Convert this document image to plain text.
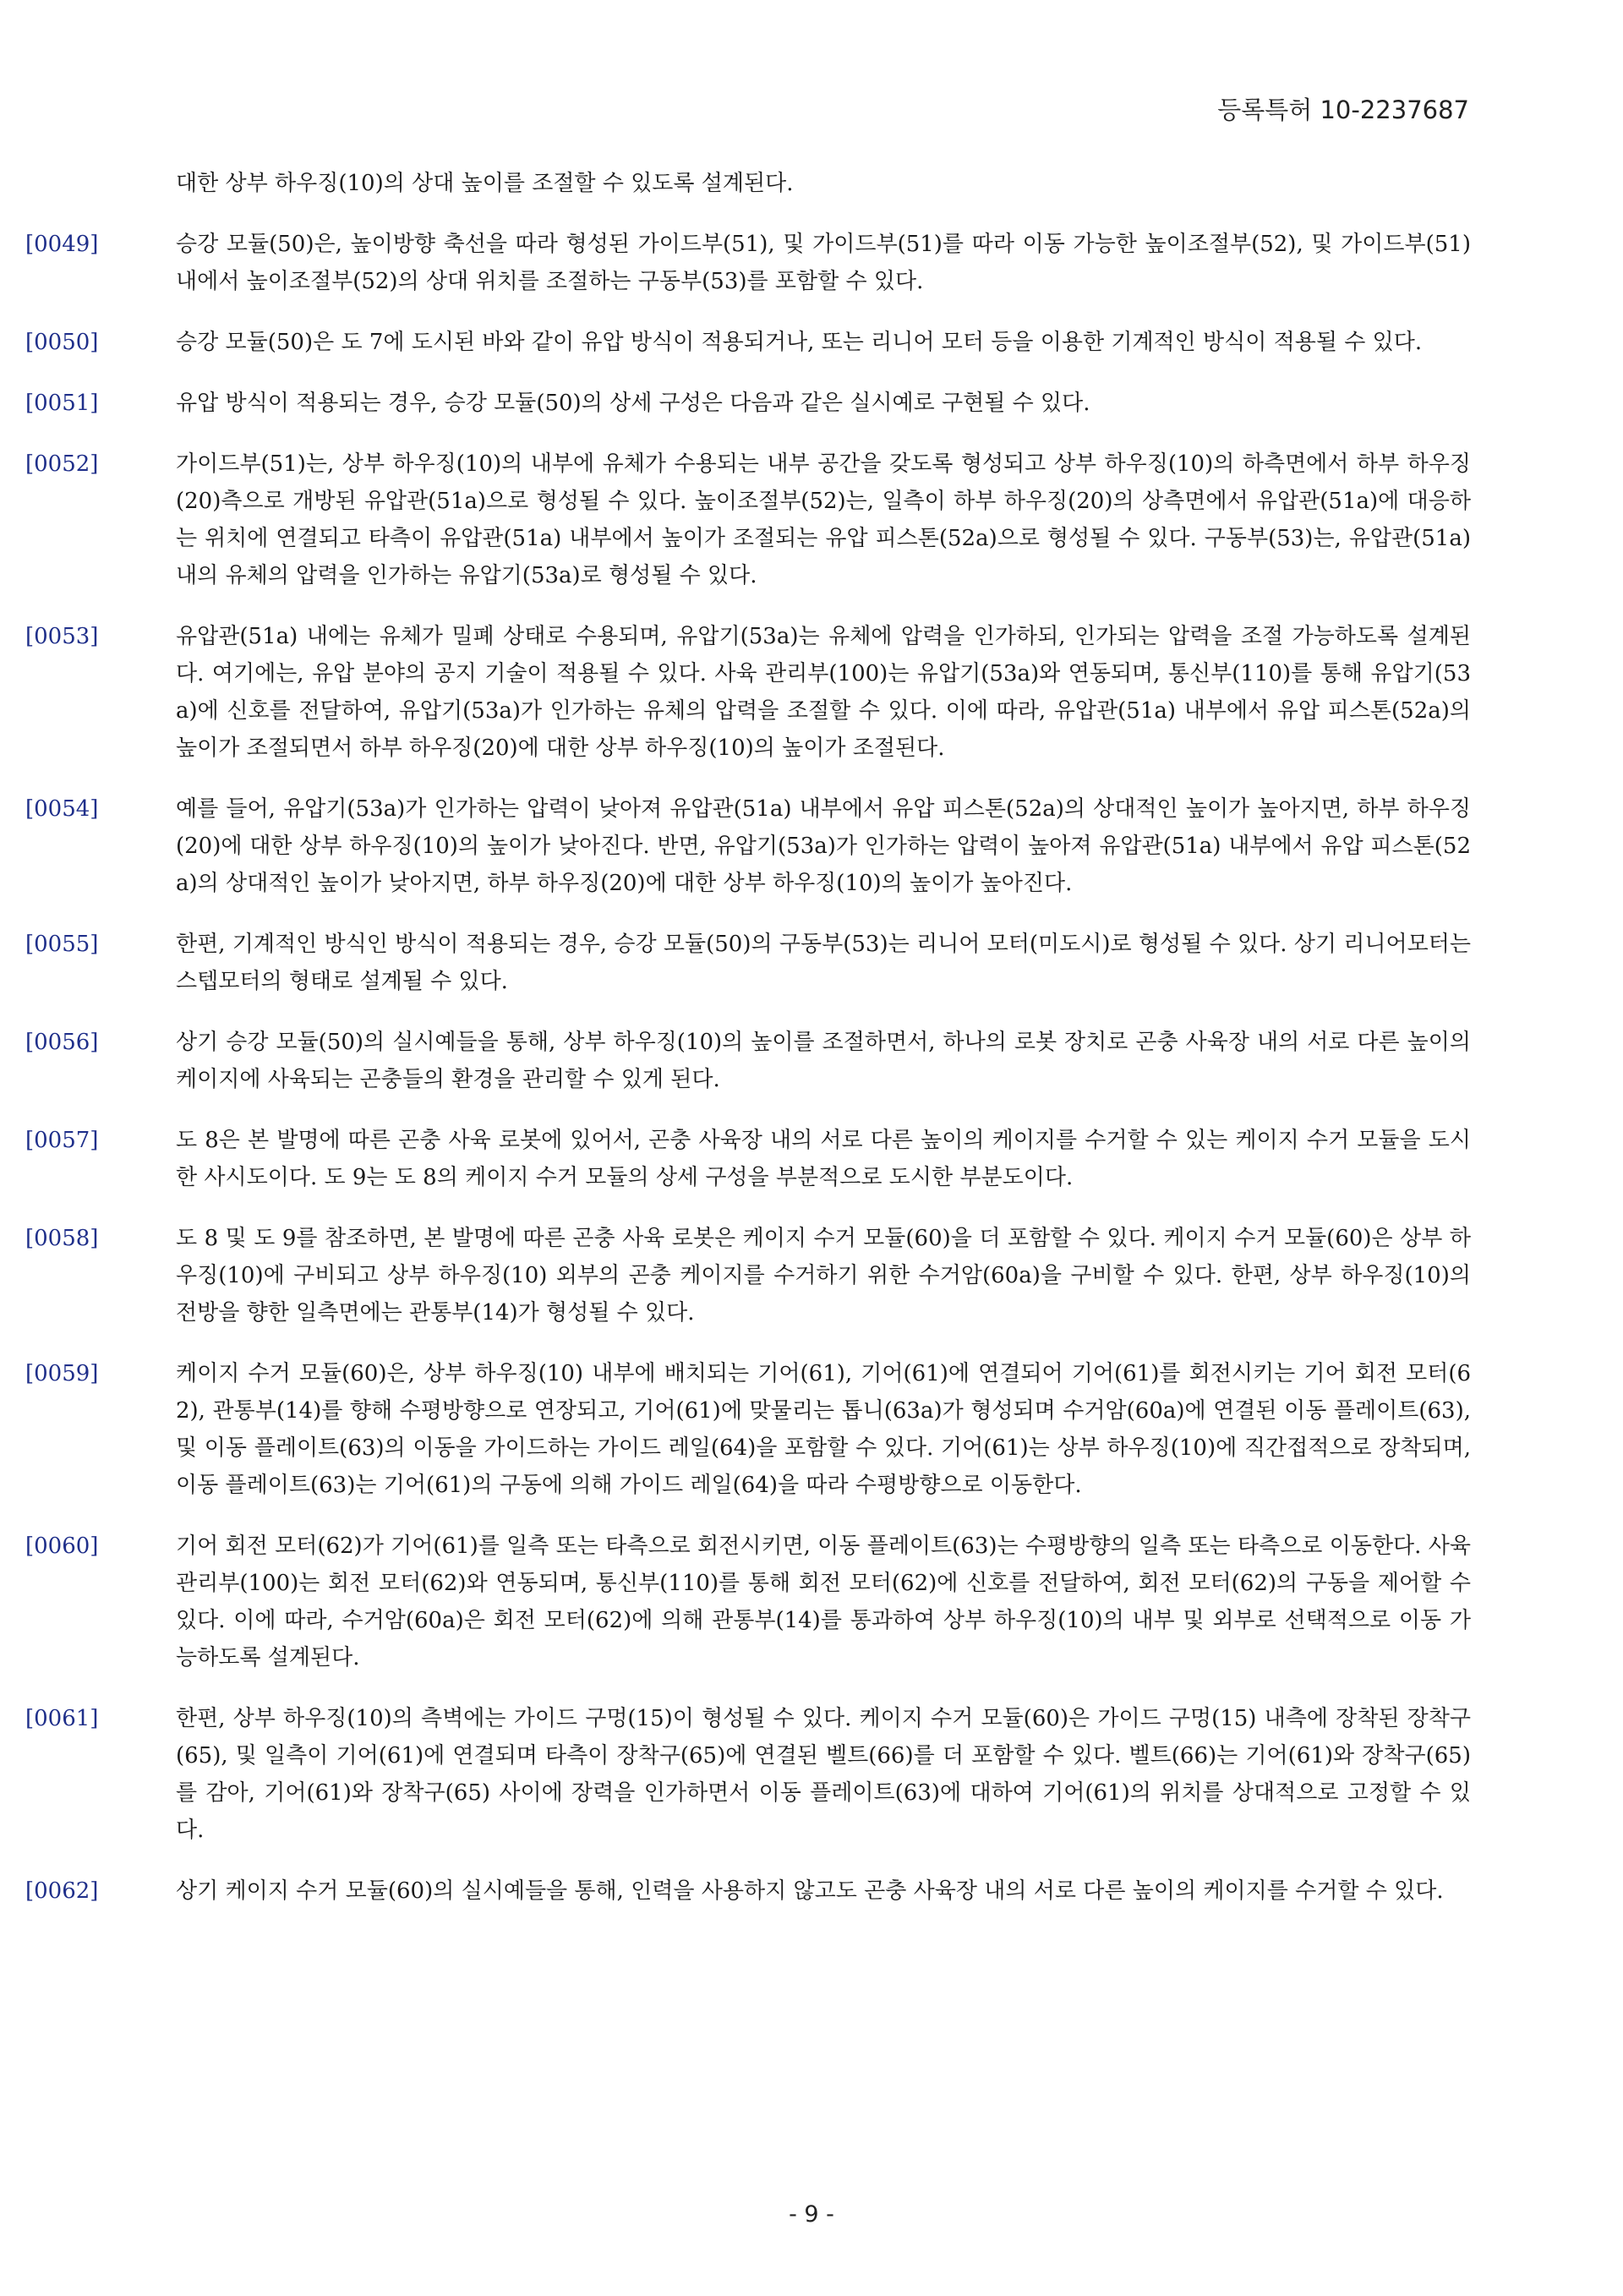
등록특허 10-2237687
대한 상부 하우징(10)의 상대 높이를 조절할 수 있도록 설계된다.
[0049]	승강 모듈(50)은, 높이방향 축선을 따라 형성된 가이드부(51), 및 가이드부(51)를 따라 이동 가능한 높이조절부(52), 및 가이드부(51) 내에서 높이조절부(52)의 상대 위치를 조절하는 구동부(53)를 포함할 수 있다.
[0050]	승강 모듈(50)은 도 7에 도시된 바와 같이 유압 방식이 적용되거나, 또는 리니어 모터 등을 이용한 기계적인 방식이 적용될 수 있다.
[0051]	유압 방식이 적용되는 경우, 승강 모듈(50)의 상세 구성은 다음과 같은 실시예로 구현될 수 있다.
[0052]	가이드부(51)는, 상부 하우징(10)의 내부에 유체가 수용되는 내부 공간을 갖도록 형성되고 상부 하우징(10)의 하측면에서 하부 하우징(20)측으로 개방된 유압관(51a)으로 형성될 수 있다. 높이조절부(52)는, 일측이 하부 하우징(20)의 상측면에서 유압관(51a)에 대응하는 위치에 연결되고 타측이 유압관(51a) 내부에서 높이가 조절되는 유압 피스톤(52a)으로 형성될 수 있다. 구동부(53)는, 유압관(51a) 내의 유체의 압력을 인가하는 유압기(53a)로 형성될 수 있다.
[0053]	유압관(51a) 내에는 유체가 밀폐 상태로 수용되며, 유압기(53a)는 유체에 압력을 인가하되, 인가되는 압력을 조절 가능하도록 설계된다. 여기에는, 유압 분야의 공지 기술이 적용될 수 있다. 사육 관리부(100)는 유압기(53a)와 연동되며, 통신부(110)를 통해 유압기(53a)에 신호를 전달하여, 유압기(53a)가 인가하는 유체의 압력을 조절할 수 있다. 이에 따라, 유압관(51a) 내부에서 유압 피스톤(52a)의 높이가 조절되면서 하부 하우징(20)에 대한 상부 하우징(10)의 높이가 조절된다.
[0054]	예를 들어, 유압기(53a)가 인가하는 압력이 낮아져 유압관(51a) 내부에서 유압 피스톤(52a)의 상대적인 높이가 높아지면, 하부 하우징(20)에 대한 상부 하우징(10)의 높이가 낮아진다. 반면, 유압기(53a)가 인가하는 압력이 높아져 유압관(51a) 내부에서 유압 피스톤(52a)의 상대적인 높이가 낮아지면, 하부 하우징(20)에 대한 상부 하우징(10)의 높이가 높아진다.
[0055]	한편, 기계적인 방식인 방식이 적용되는 경우, 승강 모듈(50)의 구동부(53)는 리니어 모터(미도시)로 형성될 수 있다. 상기 리니어모터는 스텝모터의 형태로 설계될 수 있다.
[0056]	상기 승강 모듈(50)의 실시예들을 통해, 상부 하우징(10)의 높이를 조절하면서, 하나의 로봇 장치로 곤충 사육장 내의 서로 다른 높이의 케이지에 사육되는 곤충들의 환경을 관리할 수 있게 된다.
[0057]	도 8은 본 발명에 따른 곤충 사육 로봇에 있어서, 곤충 사육장 내의 서로 다른 높이의 케이지를 수거할 수 있는 케이지 수거 모듈을 도시한 사시도이다. 도 9는 도 8의 케이지 수거 모듈의 상세 구성을 부분적으로 도시한 부분도이다.
[0058]	도 8 및 도 9를 참조하면, 본 발명에 따른 곤충 사육 로봇은 케이지 수거 모듈(60)을 더 포함할 수 있다. 케이지 수거 모듈(60)은 상부 하우징(10)에 구비되고 상부 하우징(10) 외부의 곤충 케이지를 수거하기 위한 수거암(60a)을 구비할 수 있다. 한편, 상부 하우징(10)의 전방을 향한 일측면에는 관통부(14)가 형성될 수 있다.
[0059]	케이지 수거 모듈(60)은, 상부 하우징(10) 내부에 배치되는 기어(61), 기어(61)에 연결되어 기어(61)를 회전시키는 기어 회전 모터(62), 관통부(14)를 향해 수평방향으로 연장되고, 기어(61)에 맞물리는 톱니(63a)가 형성되며 수거암(60a)에 연결된 이동 플레이트(63), 및 이동 플레이트(63)의 이동을 가이드하는 가이드 레일(64)을 포함할 수 있다. 기어(61)는 상부 하우징(10)에 직간접적으로 장착되며, 이동 플레이트(63)는 기어(61)의 구동에 의해 가이드 레일(64)을 따라 수평방향으로 이동한다.
[0060]	기어 회전 모터(62)가 기어(61)를 일측 또는 타측으로 회전시키면, 이동 플레이트(63)는 수평방향의 일측 또는 타측으로 이동한다. 사육 관리부(100)는 회전 모터(62)와 연동되며, 통신부(110)를 통해 회전 모터(62)에 신호를 전달하여, 회전 모터(62)의 구동을 제어할 수 있다. 이에 따라, 수거암(60a)은 회전 모터(62)에 의해 관통부(14)를 통과하여 상부 하우징(10)의 내부 및 외부로 선택적으로 이동 가능하도록 설계된다.
[0061]	한편, 상부 하우징(10)의 측벽에는 가이드 구멍(15)이 형성될 수 있다. 케이지 수거 모듈(60)은 가이드 구멍(15) 내측에 장착된 장착구(65), 및 일측이 기어(61)에 연결되며 타측이 장착구(65)에 연결된 벨트(66)를 더 포함할 수 있다. 벨트(66)는 기어(61)와 장착구(65)를 감아, 기어(61)와 장착구(65) 사이에 장력을 인가하면서 이동 플레이트(63)에 대하여 기어(61)의 위치를 상대적으로 고정할 수 있다.
[0062]	상기 케이지 수거 모듈(60)의 실시예들을 통해, 인력을 사용하지 않고도 곤충 사육장 내의 서로 다른 높이의 케이지를 수거할 수 있다.
- 9 -
